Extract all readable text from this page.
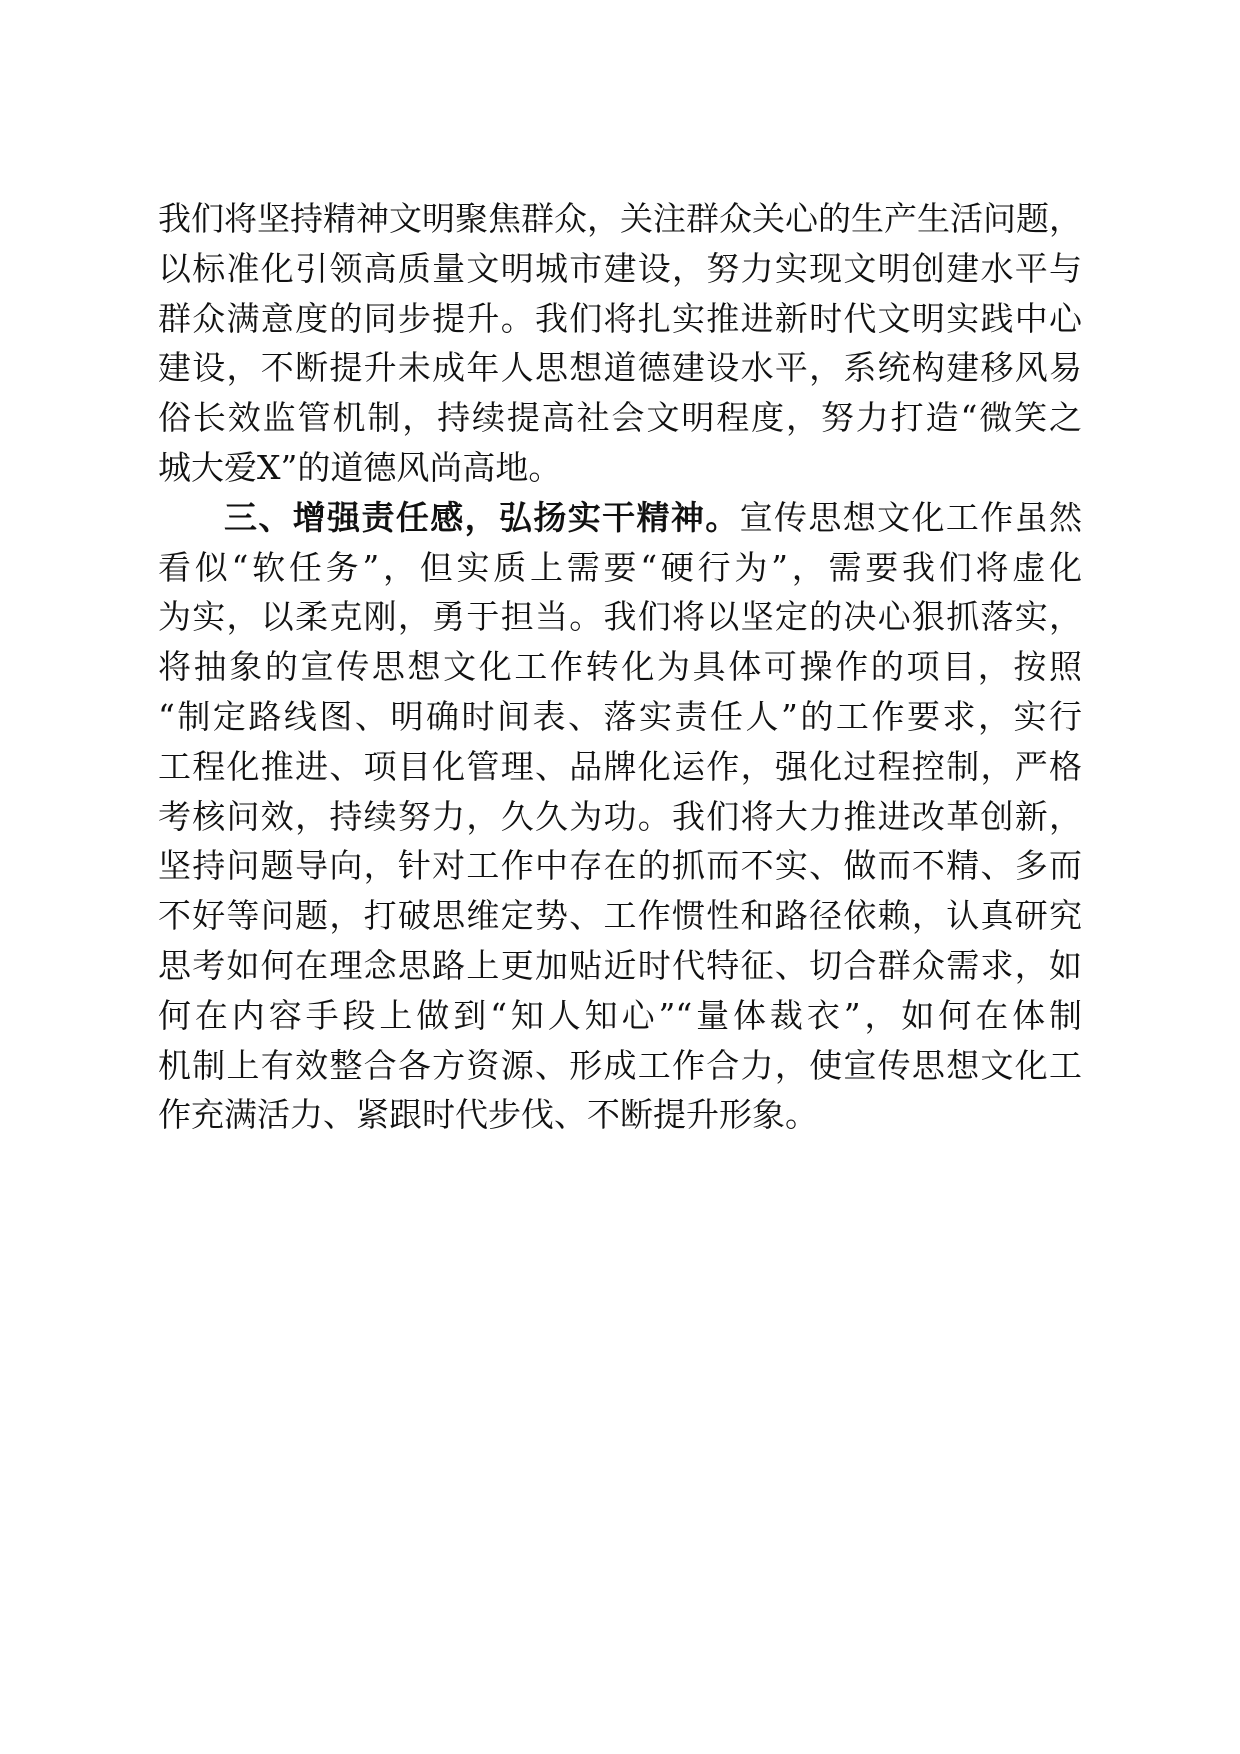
我们将坚持精神文明聚焦群众，关注群众关心的生产生活问题，
以标准化引领高质量文明城市建设，努力实现文明创建水平与
群众满意度的同步提升。我们将扎实推进新时代文明实践中心
建设，不断提升未成年人思想道德建设水平，系统构建移风易
俗长效监管机制，持续提高社会文明程度，努力打造“微笑之
城大爱X”的道德风尚高地。
三、增强责任感，弘扬实干精神。宣传思想文化工作虽然
看似“软任务”，但实质上需要“硬行为”，需要我们将虚化
为实，以柔克刚，勇于担当。我们将以坚定的决心狠抓落实，
将抽象的宣传思想文化工作转化为具体可操作的项目，按照
“制定路线图、明确时间表、落实责任人”的工作要求，实行
工程化推进、项目化管理、品牌化运作，强化过程控制，严格
考核问效，持续努力，久久为功。我们将大力推进改革创新，
坚持问题导向，针对工作中存在的抓而不实、做而不精、多而
不好等问题，打破思维定势、工作惯性和路径依赖，认真研究
思考如何在理念思路上更加贴近时代特征、切合群众需求，如
何在内容手段上做到“知人知心”“量体裁衣”，如何在体制
机制上有效整合各方资源、形成工作合力，使宣传思想文化工
作充满活力、紧跟时代步伐、不断提升形象。
